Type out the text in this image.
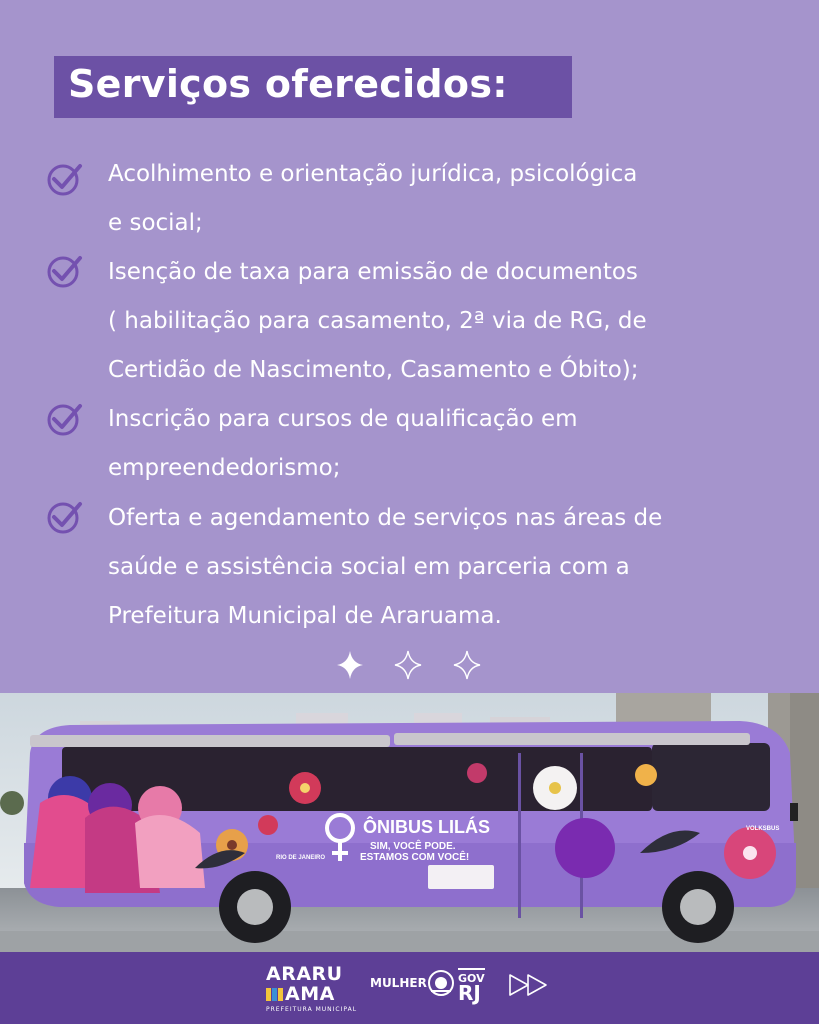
Serviços oferecidos:
Acolhimento e orientação jurídica, psicológica
e social;
Isenção de taxa para emissão de documentos
( habilitação para casamento, 2ª via de RG, de
Certidão de Nascimento, Casamento e Óbito);
Inscrição para cursos de qualificação em
empreendedorismo;
Oferta e agendamento de serviços nas áreas de
saúde e assistência social em parceria com a
Prefeitura Municipal de Araruama.
ÔNIBUS LILÁS
SIM, VOCÊ PODE.
ESTAMOS COM VOCÊ!
RIO DE JANEIRO
VOLKSBUS
ARARU
AMA
PREFEITURA MUNICIPAL
MULHER	GOV
RJ
